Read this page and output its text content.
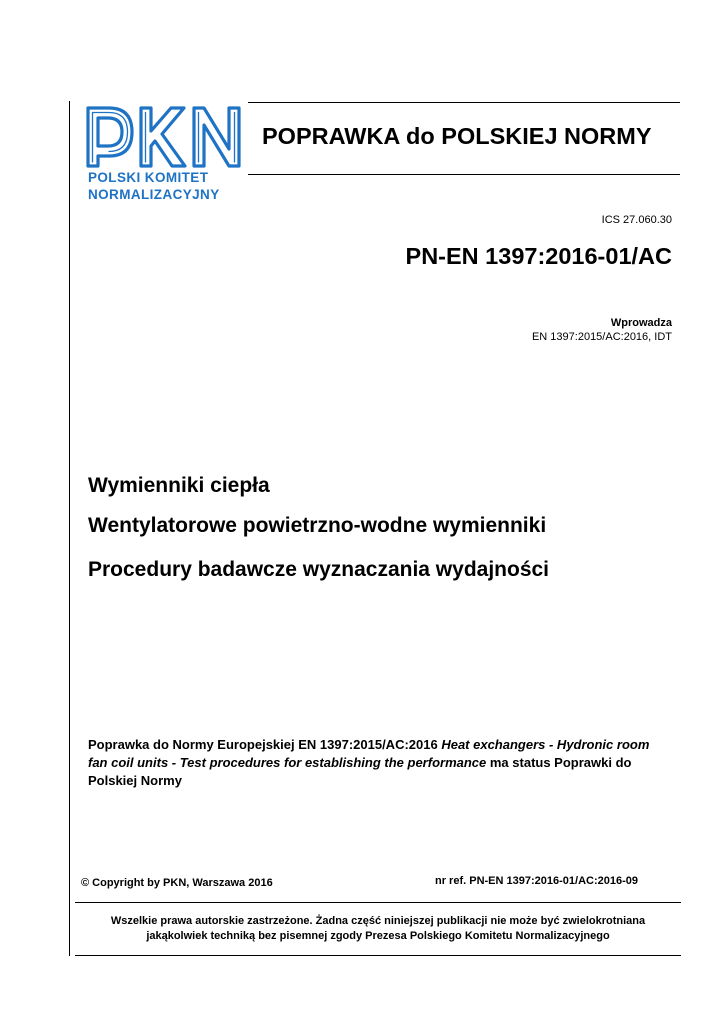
POLSKI KOMITET
NORMALIZACYJNY
POPRAWKA do POLSKIEJ NORMY
ICS 27.060.30
PN-EN 1397:2016-01/AC
Wprowadza
EN 1397:2015/AC:2016, IDT
Wymienniki ciepła
Wentylatorowe powietrzno-wodne wymienniki
Procedury badawcze wyznaczania wydajności
Poprawka do Normy Europejskiej EN 1397:2015/AC:2016 Heat exchangers - Hydronic room fan coil units - Test procedures for establishing the performance ma status Poprawki do Polskiej Normy
© Copyright by PKN, Warszawa 2016	nr ref. PN-EN 1397:2016-01/AC:2016-09
Wszelkie prawa autorskie zastrzeżone. Żadna część niniejszej publikacji nie może być zwielokrotniana
jakąkolwiek techniką bez pisemnej zgody Prezesa Polskiego Komitetu Normalizacyjnego
